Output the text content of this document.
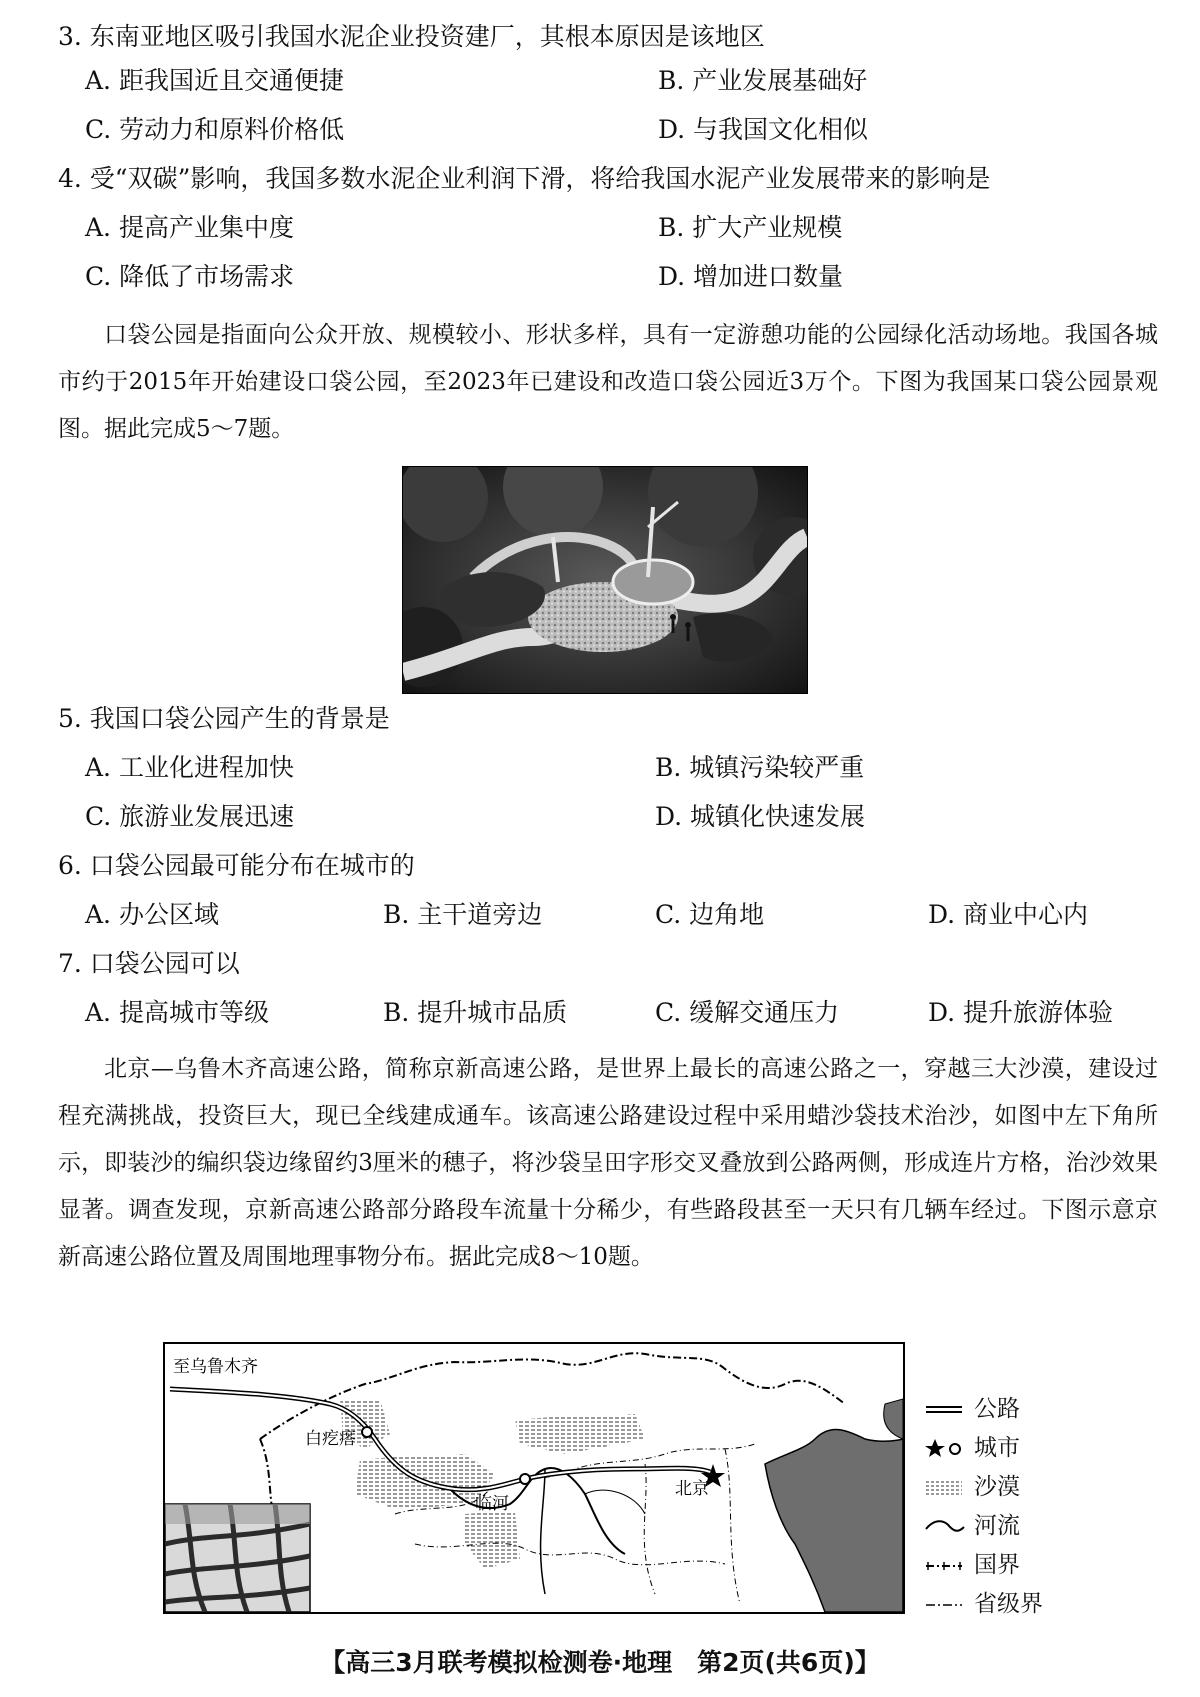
3. 东南亚地区吸引我国水泥企业投资建厂，其根本原因是该地区
A. 距我国近且交通便捷	B. 产业发展基础好
C. 劳动力和原料价格低	D. 与我国文化相似
4. 受“双碳”影响，我国多数水泥企业利润下滑，将给我国水泥产业发展带来的影响是
A. 提高产业集中度	B. 扩大产业规模
C. 降低了市场需求	D. 增加进口数量

口袋公园是指面向公众开放、规模较小、形状多样，具有一定游憩功能的公园绿化活动场地。我国各城市约于2015年开始建设口袋公园，至2023年已建设和改造口袋公园近3万个。下图为我国某口袋公园景观图。据此完成5～7题。

5. 我国口袋公园产生的背景是
A. 工业化进程加快	B. 城镇污染较严重
C. 旅游业发展迅速	D. 城镇化快速发展
6. 口袋公园最可能分布在城市的
A. 办公区域	B. 主干道旁边	C. 边角地	D. 商业中心内
7. 口袋公园可以
A. 提高城市等级	B. 提升城市品质	C. 缓解交通压力	D. 提升旅游体验

北京—乌鲁木齐高速公路，简称京新高速公路，是世界上最长的高速公路之一，穿越三大沙漠，建设过程充满挑战，投资巨大，现已全线建成通车。该高速公路建设过程中采用蜡沙袋技术治沙，如图中左下角所示，即装沙的编织袋边缘留约3厘米的穗子，将沙袋呈田字形交叉叠放到公路两侧，形成连片方格，治沙效果显著。调查发现，京新高速公路部分路段车流量十分稀少，有些路段甚至一天只有几辆车经过。下图示意京新高速公路位置及周围地理事物分布。据此完成8～10题。

至乌鲁木齐
白疙瘩
临河
北京
公路
城市
沙漠
河流
国界
省级界
【高三3月联考模拟检测卷·地理　第2页(共6页)】
